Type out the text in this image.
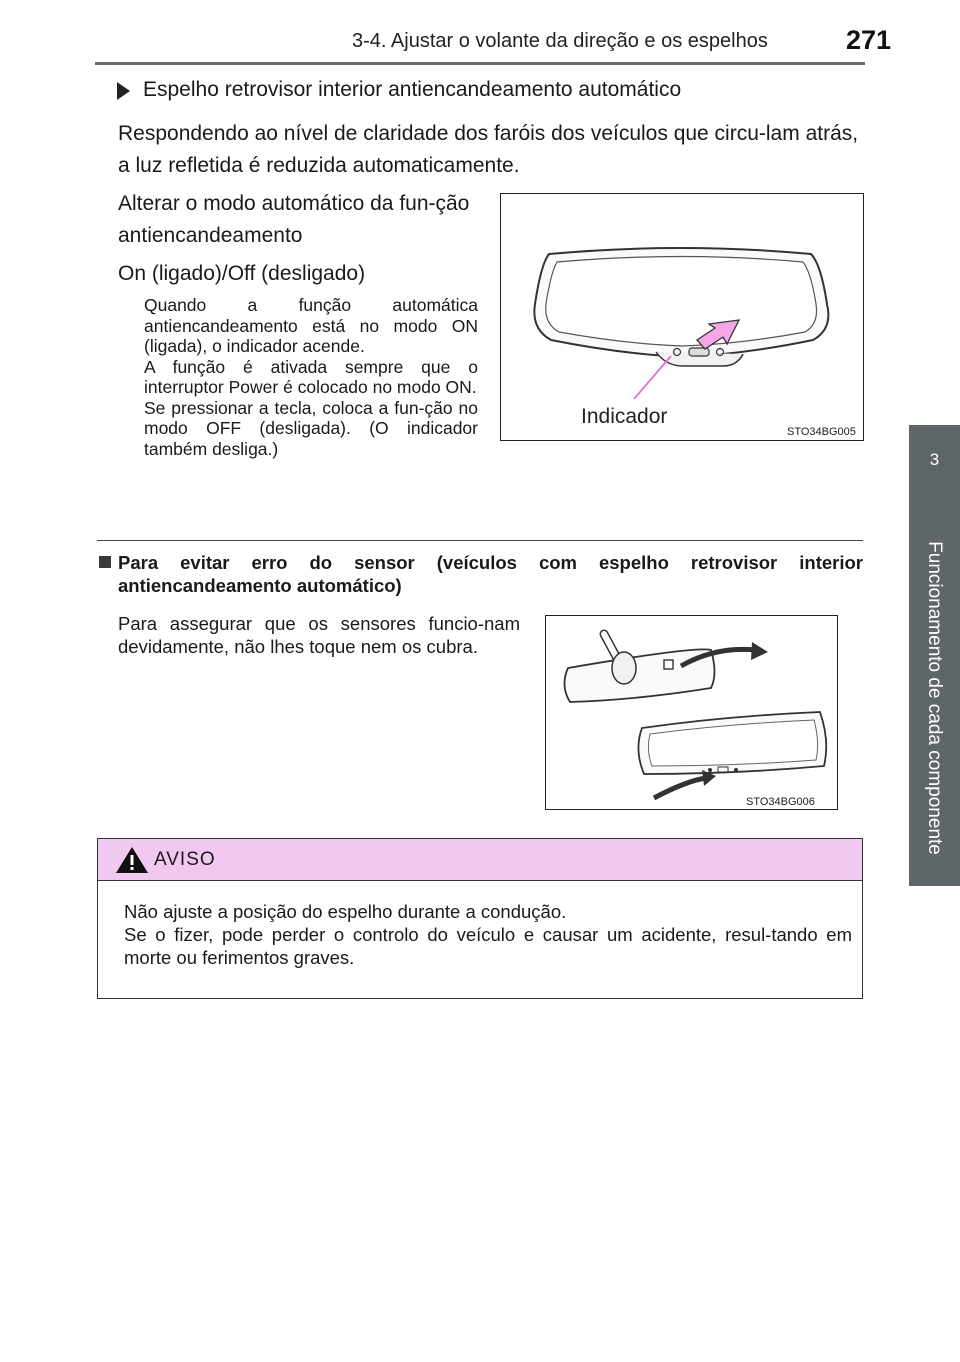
3-4. Ajustar o volante da direção e os espelhos	271
3
Funcionamento de cada componente
Espelho retrovisor interior antiencandeamento automático
Respondendo ao nível de claridade dos faróis dos veículos que circu-lam atrás, a luz refletida é reduzida automaticamente.
Alterar o modo automático da fun-ção antiencandeamento
On (ligado)/Off (desligado)
Quando a função automática antiencandeamento está no modo ON (ligada), o indicador acende.
A função é ativada sempre que o interruptor Power é colocado no modo ON.
Se pressionar a tecla, coloca a fun-ção no modo OFF (desligada). (O indicador também desliga.)
Indicador
STO34BG005
Para evitar erro do sensor (veículos com espelho retrovisor interior antiencandeamento automático)
Para assegurar que os sensores funcio-nam devidamente, não lhes toque nem os cubra.
STO34BG006
AVISO
Não ajuste a posição do espelho durante a condução.
Se o fizer, pode perder o controlo do veículo e causar um acidente, resul-tando em morte ou ferimentos graves.
